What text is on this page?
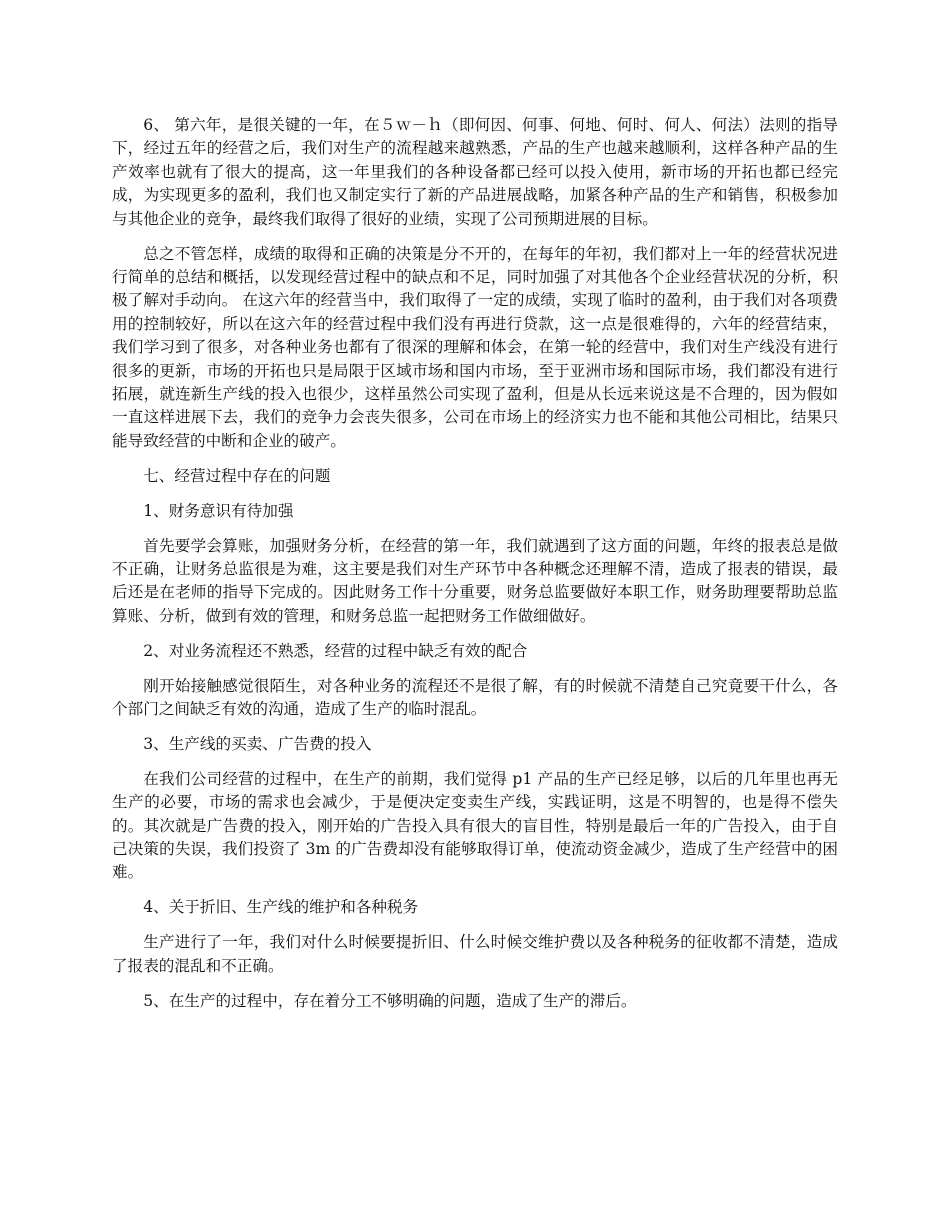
6、 第六年，是很关键的一年，在５ｗ－ｈ（即何因、何事、何地、何时、何人、何法）法则的指导下，经过五年的经营之后，我们对生产的流程越来越熟悉，产品的生产也越来越顺利，这样各种产品的生产效率也就有了很大的提高，这一年里我们的各种设备都已经可以投入使用，新市场的开拓也都已经完成，为实现更多的盈利，我们也又制定实行了新的产品进展战略，加紧各种产品的生产和销售，积极参加与其他企业的竞争，最终我们取得了很好的业绩，实现了公司预期进展的目标。

总之不管怎样，成绩的取得和正确的决策是分不开的，在每年的年初，我们都对上一年的经营状况进行简单的总结和概括，以发现经营过程中的缺点和不足，同时加强了对其他各个企业经营状况的分析，积极了解对手动向。 在这六年的经营当中，我们取得了一定的成绩，实现了临时的盈利，由于我们对各项费用的控制较好，所以在这六年的经营过程中我们没有再进行贷款，这一点是很难得的，六年的经营结束，我们学习到了很多，对各种业务也都有了很深的理解和体会，在第一轮的经营中，我们对生产线没有进行很多的更新，市场的开拓也只是局限于区域市场和国内市场，至于亚洲市场和国际市场，我们都没有进行拓展，就连新生产线的投入也很少，这样虽然公司实现了盈利，但是从长远来说这是不合理的，因为假如一直这样进展下去，我们的竞争力会丧失很多，公司在市场上的经济实力也不能和其他公司相比，结果只能导致经营的中断和企业的破产。

七、经营过程中存在的问题

1、财务意识有待加强

首先要学会算账，加强财务分析，在经营的第一年，我们就遇到了这方面的问题，年终的报表总是做不正确，让财务总监很是为难，这主要是我们对生产环节中各种概念还理解不清，造成了报表的错误，最后还是在老师的指导下完成的。因此财务工作十分重要，财务总监要做好本职工作，财务助理要帮助总监算账、分析，做到有效的管理，和财务总监一起把财务工作做细做好。

2、对业务流程还不熟悉，经营的过程中缺乏有效的配合

刚开始接触感觉很陌生，对各种业务的流程还不是很了解，有的时候就不清楚自己究竟要干什么，各个部门之间缺乏有效的沟通，造成了生产的临时混乱。

3、生产线的买卖、广告费的投入

在我们公司经营的过程中，在生产的前期，我们觉得 p1 产品的生产已经足够，以后的几年里也再无生产的必要，市场的需求也会减少，于是便决定变卖生产线，实践证明，这是不明智的，也是得不偿失的。其次就是广告费的投入，刚开始的广告投入具有很大的盲目性，特别是最后一年的广告投入，由于自己决策的失误，我们投资了 3m 的广告费却没有能够取得订单，使流动资金减少，造成了生产经营中的困难。

4、关于折旧、生产线的维护和各种税务

生产进行了一年，我们对什么时候要提折旧、什么时候交维护费以及各种税务的征收都不清楚，造成了报表的混乱和不正确。

5、在生产的过程中，存在着分工不够明确的问题，造成了生产的滞后。
